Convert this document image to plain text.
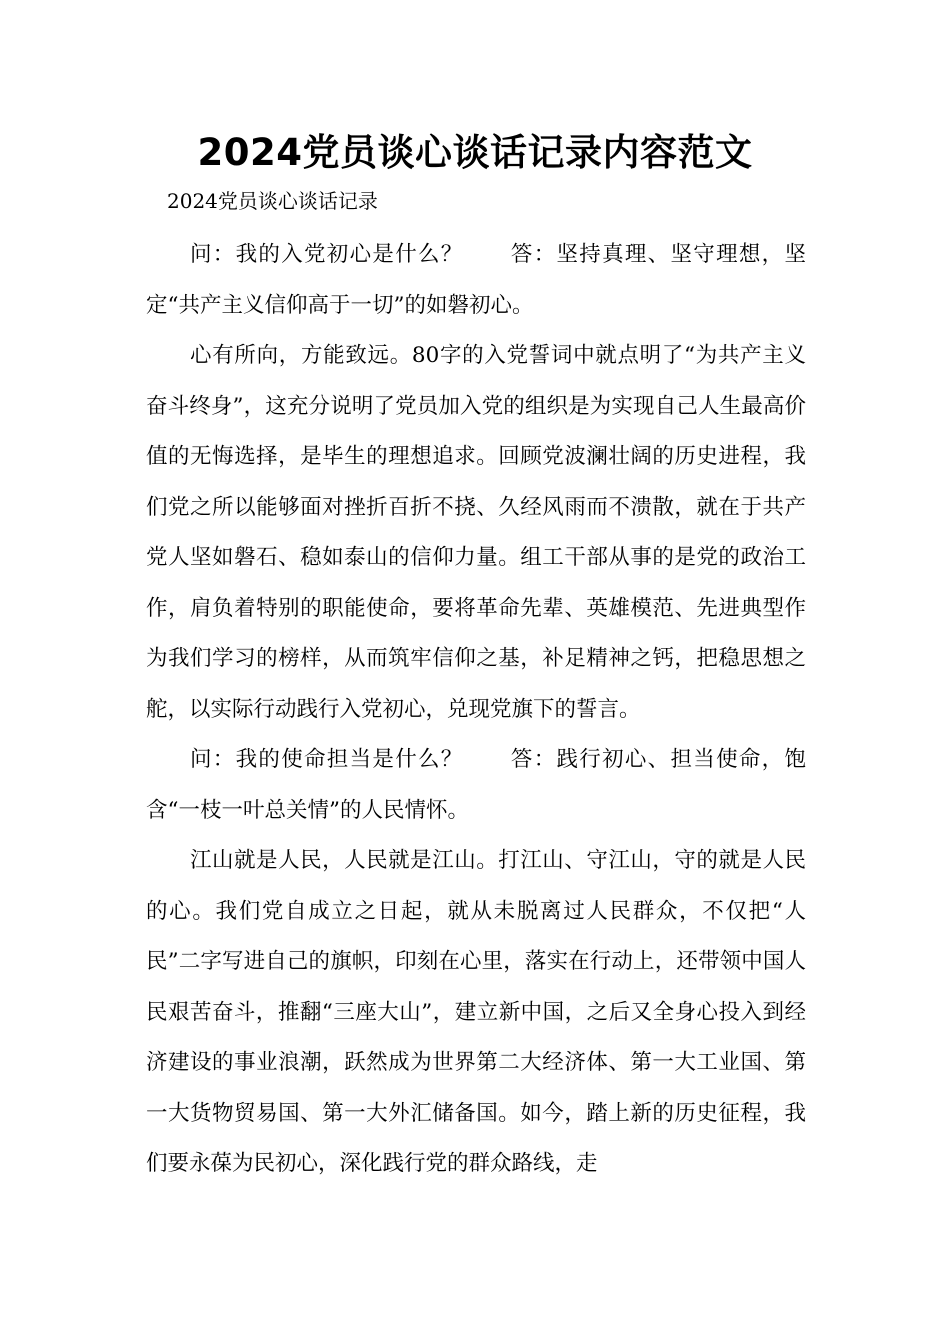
2024党员谈心谈话记录内容范文

2024党员谈心谈话记录

问：我的入党初心是什么？ 答：坚持真理、坚守理想，坚定“共产主义信仰高于一切”的如磐初心。

心有所向，方能致远。80字的入党誓词中就点明了“为共产主义奋斗终身”，这充分说明了党员加入党的组织是为实现自己人生最高价值的无悔选择，是毕生的理想追求。回顾党波澜壮阔的历史进程，我们党之所以能够面对挫折百折不挠、久经风雨而不溃散，就在于共产党人坚如磐石、稳如泰山的信仰力量。组工干部从事的是党的政治工作，肩负着特别的职能使命，要将革命先辈、英雄模范、先进典型作为我们学习的榜样，从而筑牢信仰之基，补足精神之钙，把稳思想之舵，以实际行动践行入党初心，兑现党旗下的誓言。

问：我的使命担当是什么？ 答：践行初心、担当使命，饱含“一枝一叶总关情”的人民情怀。

江山就是人民，人民就是江山。打江山、守江山，守的就是人民的心。我们党自成立之日起，就从未脱离过人民群众，不仅把“人民”二字写进自己的旗帜，印刻在心里，落实在行动上，还带领中国人民艰苦奋斗，推翻“三座大山”，建立新中国，之后又全身心投入到经济建设的事业浪潮，跃然成为世界第二大经济体、第一大工业国、第一大货物贸易国、第一大外汇储备国。如今，踏上新的历史征程，我们要永葆为民初心，深化践行党的群众路线，走
